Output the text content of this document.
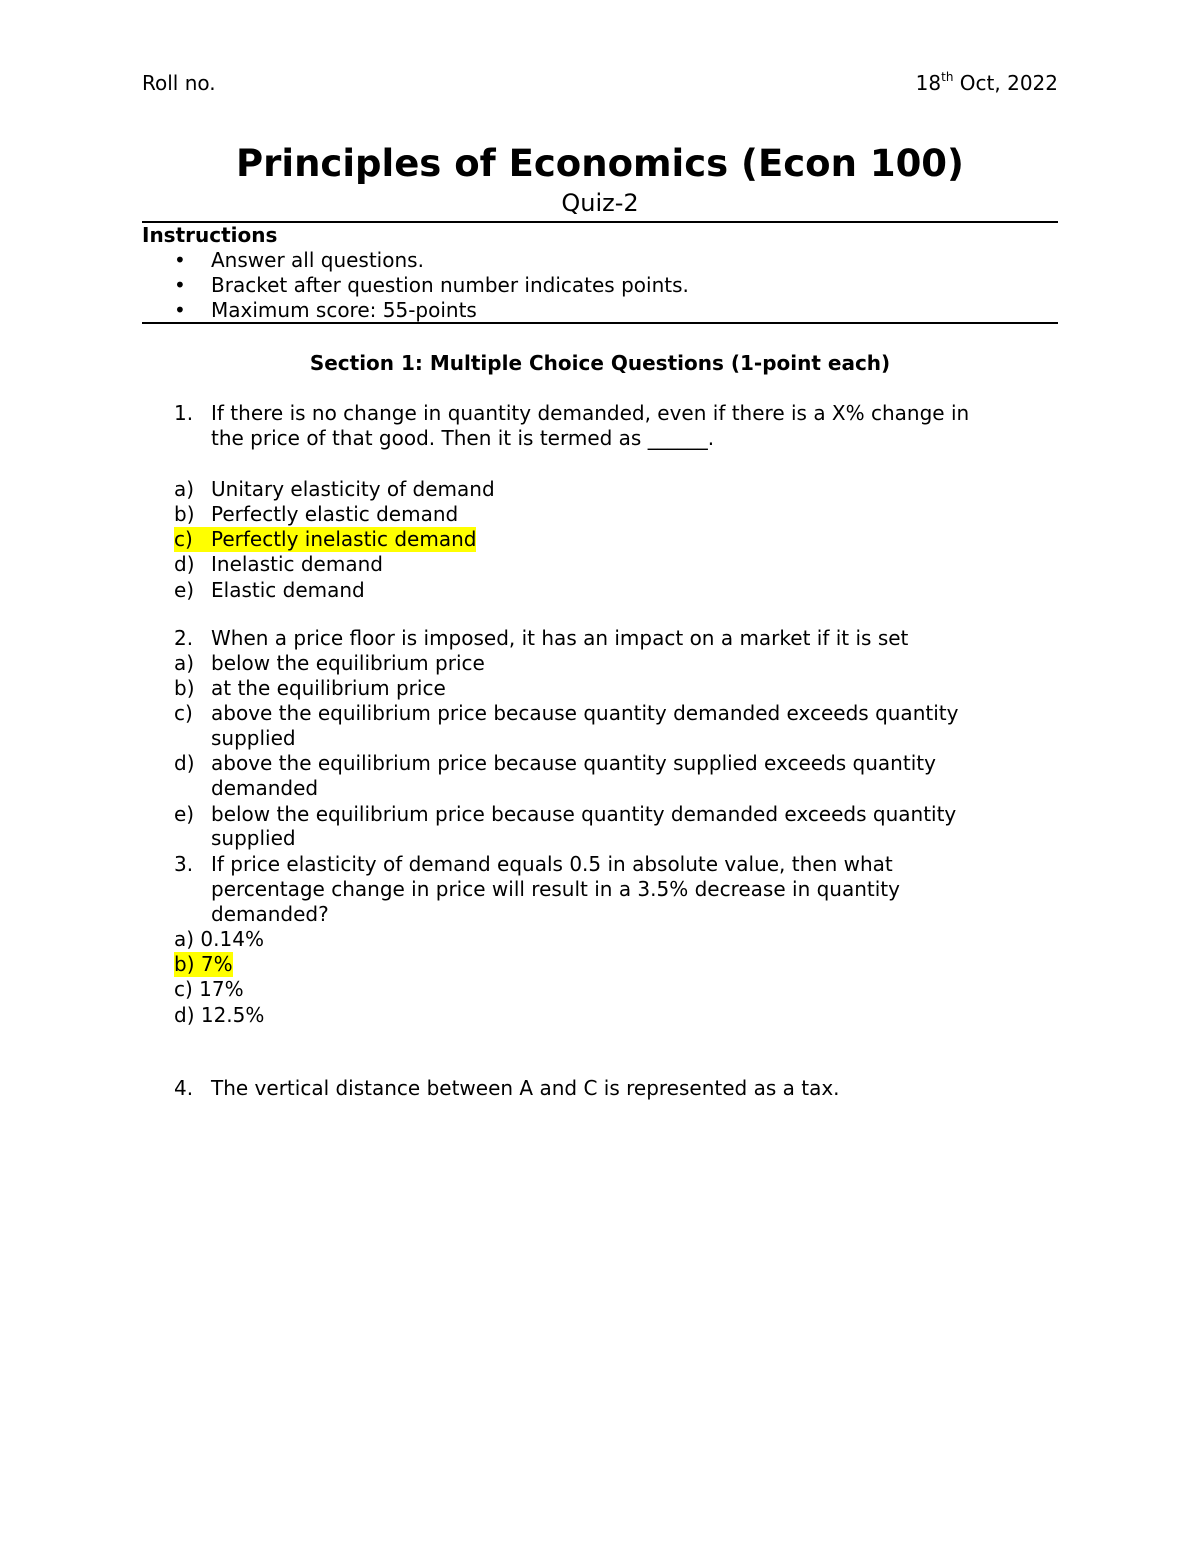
Roll no.	18th Oct, 2022
Principles of Economics (Econ 100)
Quiz-2
Instructions
• Answer all questions.
• Bracket after question number indicates points.
• Maximum score: 55-points
Section 1: Multiple Choice Questions (1-point each)
1. If there is no change in quantity demanded, even if there is a X% change in
the price of that good. Then it is termed as ______.
a) Unitary elasticity of demand
b) Perfectly elastic demand
c) Perfectly inelastic demand
d) Inelastic demand
e) Elastic demand
2. When a price floor is imposed, it has an impact on a market if it is set
a) below the equilibrium price
b) at the equilibrium price
c) above the equilibrium price because quantity demanded exceeds quantity
supplied
d) above the equilibrium price because quantity supplied exceeds quantity
demanded
e) below the equilibrium price because quantity demanded exceeds quantity
supplied
3. If price elasticity of demand equals 0.5 in absolute value, then what
percentage change in price will result in a 3.5% decrease in quantity
demanded?
a) 0.14%
b) 7%
c) 17%
d) 12.5%
4. The vertical distance between A and C is represented as a tax.
